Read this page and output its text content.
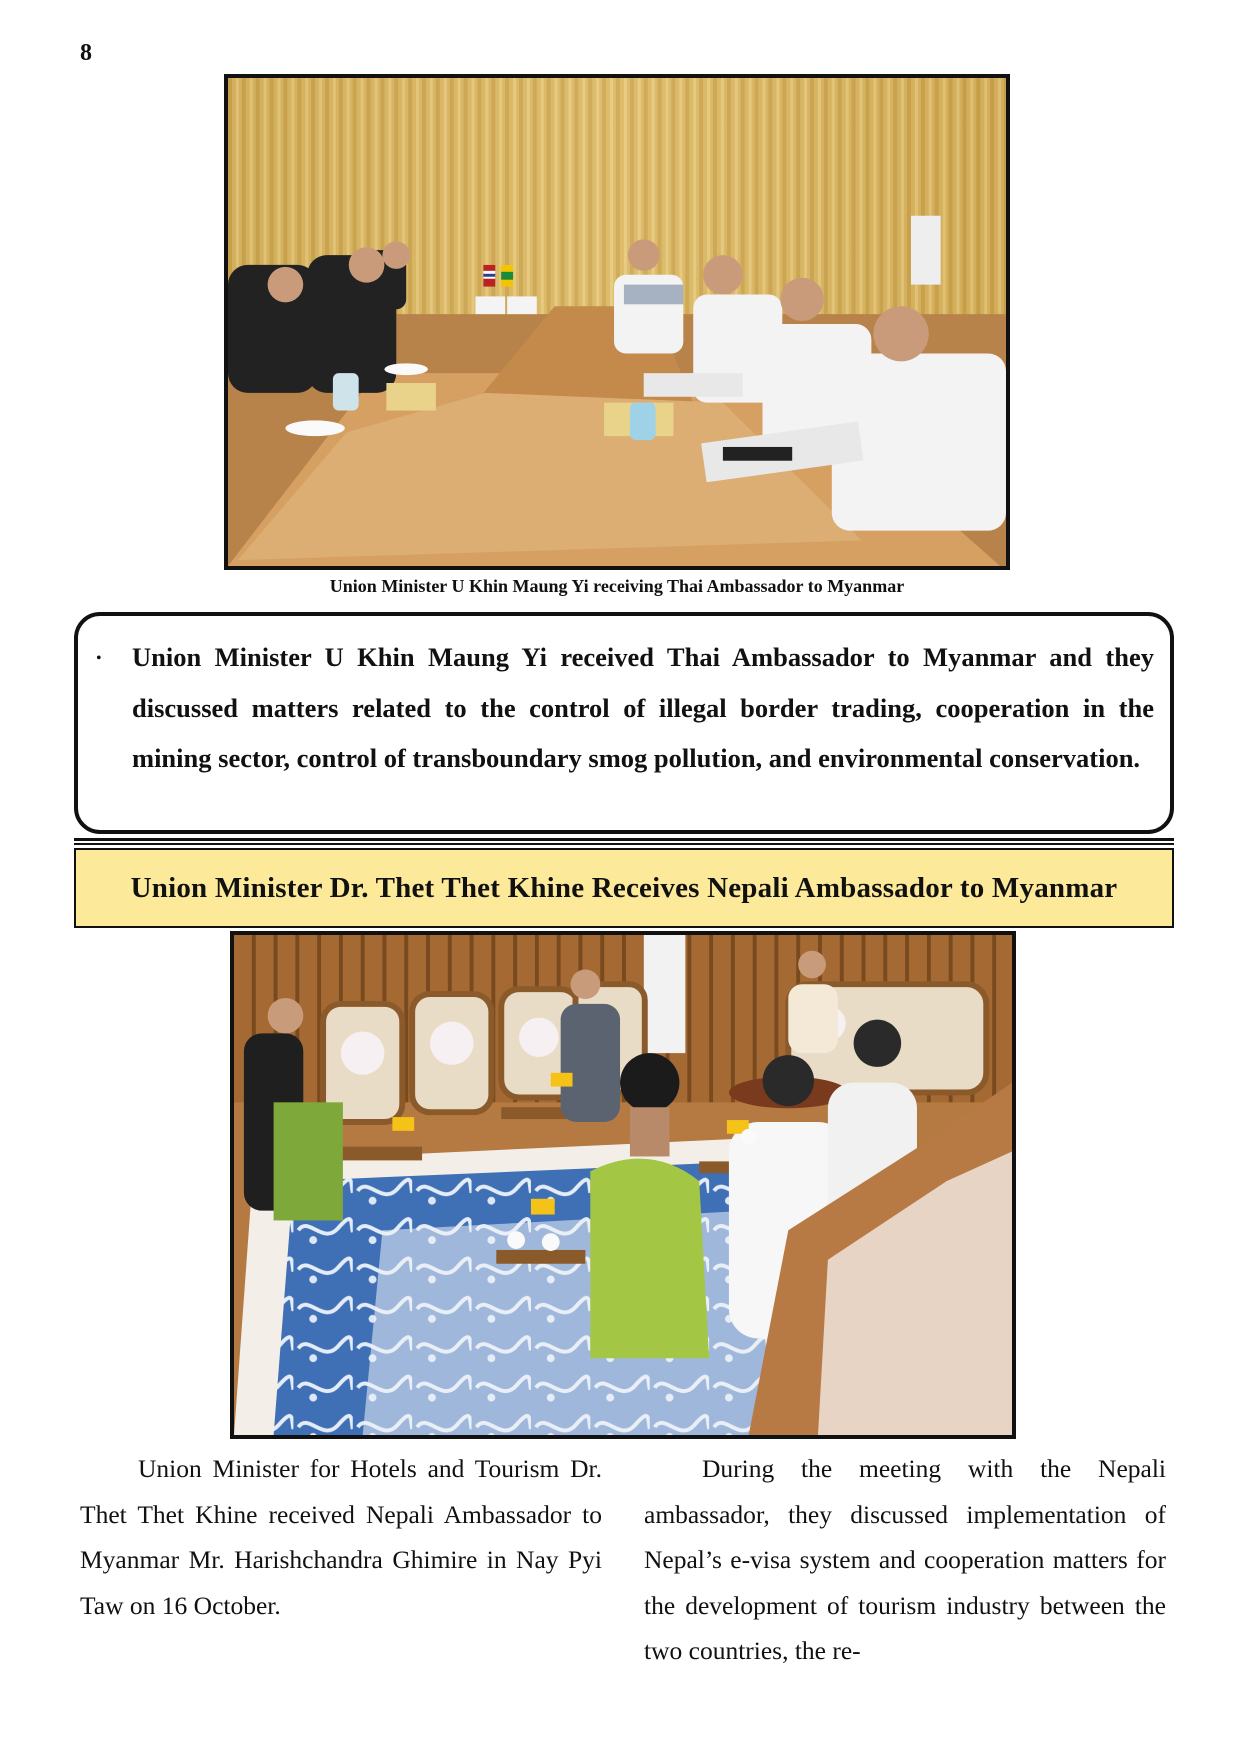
8
Union Minister U Khin Maung Yi receiving Thai Ambassador to Myanmar
• Union Minister U Khin Maung Yi received Thai Ambassador to Myanmar and they discussed matters related to the control of illegal border trading, cooperation in the mining sector, control of transboundary smog pollution, and environmental conservation.

Union Minister Dr. Thet Thet Khine Receives Nepali Ambassador to Myanmar

Union Minister for Hotels and Tourism Dr. Thet Thet Khine received Nepali Ambassador to Myanmar Mr. Harishchandra Ghimire in Nay Pyi Taw on 16 October.

During the meeting with the Nepali ambassador, they discussed implementation of Nepal’s e-visa system and cooperation matters for the development of tourism industry between the two countries, the re-
